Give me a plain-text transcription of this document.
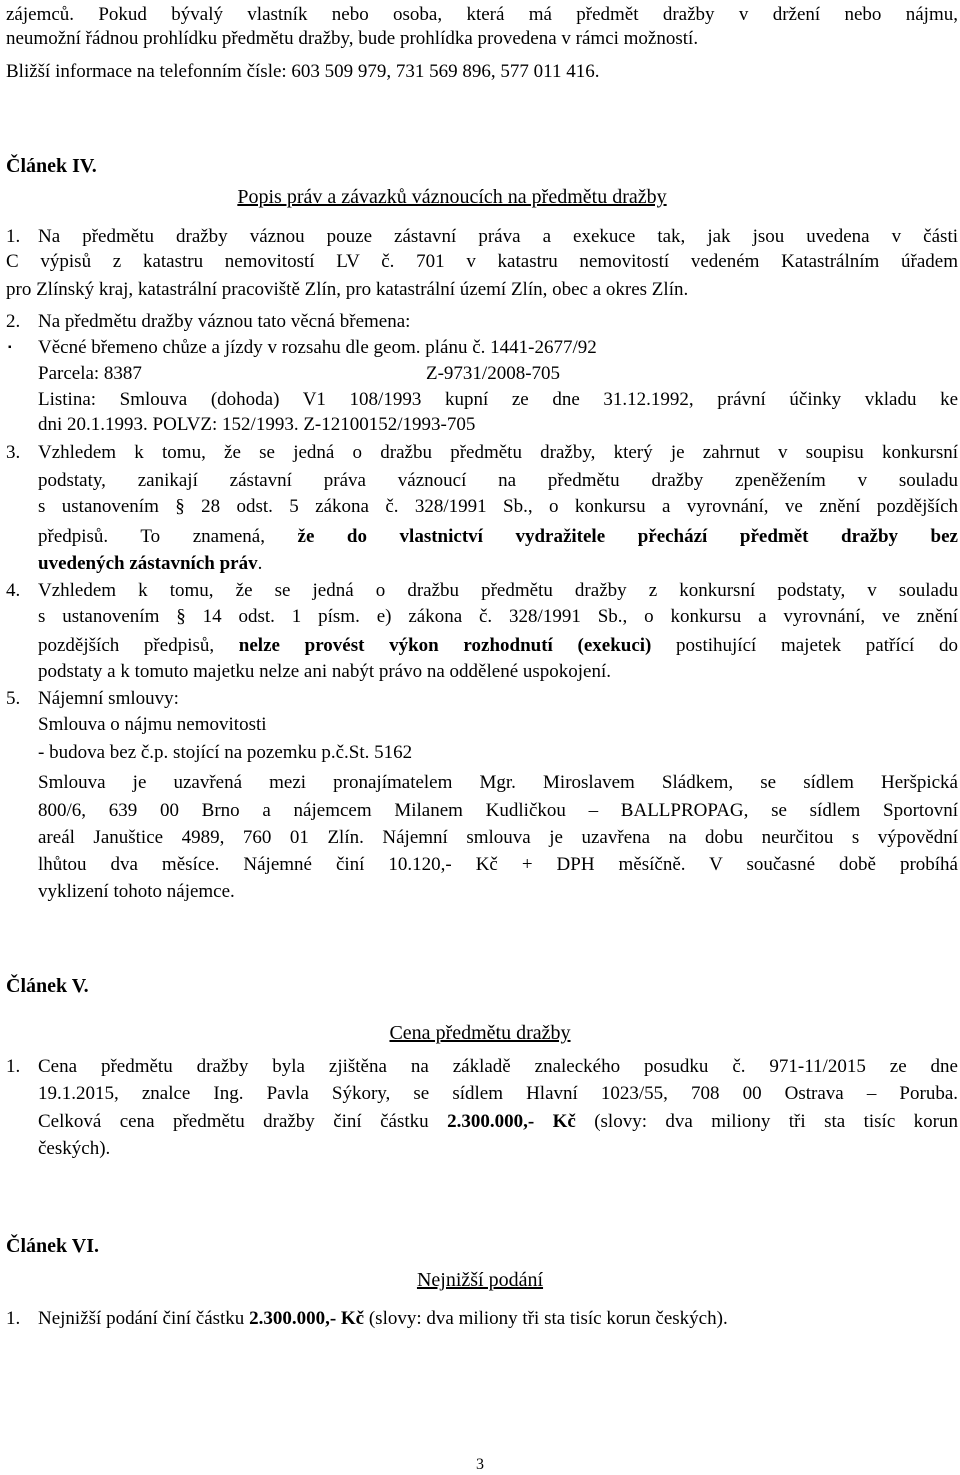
zájemců. Pokud bývalý vlastník nebo osoba, která má předmět dražby v držení nebo nájmu,
neumožní řádnou prohlídku předmětu dražby, bude prohlídka provedena v rámci možností.
Bližší informace na telefonním čísle: 603 509 979, 731 569 896, 577 011 416.
Článek IV.
Popis práv a závazků váznoucích na předmětu dražby
1. Na předmětu dražby váznou pouze zástavní práva a exekuce tak, jak jsou uvedena v části
C výpisů z katastru nemovitostí LV č. 701 v katastru nemovitostí vedeném Katastrálním úřadem
pro Zlínský kraj, katastrální pracoviště Zlín, pro katastrální území Zlín, obec a okres Zlín.
2. Na předmětu dražby váznou tato věcná břemena:
▪ Věcné břemeno chůze a jízdy v rozsahu dle geom. plánu č. 1441-2677/92
Parcela: 8387	Z-9731/2008-705
Listina: Smlouva (dohoda) V1 108/1993 kupní ze dne 31.12.1992, právní účinky vkladu ke
dni 20.1.1993. POLVZ: 152/1993. Z-12100152/1993-705
3. Vzhledem k tomu, že se jedná o dražbu předmětu dražby, který je zahrnut v soupisu konkursní
podstaty, zanikají zástavní práva váznoucí na předmětu dražby zpeněžením v souladu
s ustanovením § 28 odst. 5 zákona č. 328/1991 Sb., o konkursu a vyrovnání, ve znění pozdějších
předpisů. To znamená, že do vlastnictví vydražitele přechází předmět dražby bez
uvedených zástavních práv.
4. Vzhledem k tomu, že se jedná o dražbu předmětu dražby z konkursní podstaty, v souladu
s ustanovením § 14 odst. 1 písm. e) zákona č. 328/1991 Sb., o konkursu a vyrovnání, ve znění
pozdějších předpisů, nelze provést výkon rozhodnutí (exekuci) postihující majetek patřící do
podstaty a k tomuto majetku nelze ani nabýt právo na oddělené uspokojení.
5. Nájemní smlouvy:
Smlouva o nájmu nemovitosti
- budova bez č.p. stojící na pozemku p.č.St. 5162
Smlouva je uzavřená mezi pronajímatelem Mgr. Miroslavem Sládkem, se sídlem Heršpická
800/6, 639 00 Brno a nájemcem Milanem Kudličkou – BALLPROPAG, se sídlem Sportovní
areál Januštice 4989, 760 01 Zlín. Nájemní smlouva je uzavřena na dobu neurčitou s výpovědní
lhůtou dva měsíce. Nájemné činí 10.120,- Kč + DPH měsíčně. V současné době probíhá
vyklizení tohoto nájemce.
Článek V.
Cena předmětu dražby
1. Cena předmětu dražby byla zjištěna na základě znaleckého posudku č. 971-11/2015 ze dne
19.1.2015, znalce Ing. Pavla Sýkory, se sídlem Hlavní 1023/55, 708 00 Ostrava – Poruba.
Celková cena předmětu dražby činí částku 2.300.000,- Kč (slovy: dva miliony tři sta tisíc korun
českých).
Článek VI.
Nejnižší podání
1. Nejnižší podání činí částku 2.300.000,- Kč (slovy: dva miliony tři sta tisíc korun českých).
3
